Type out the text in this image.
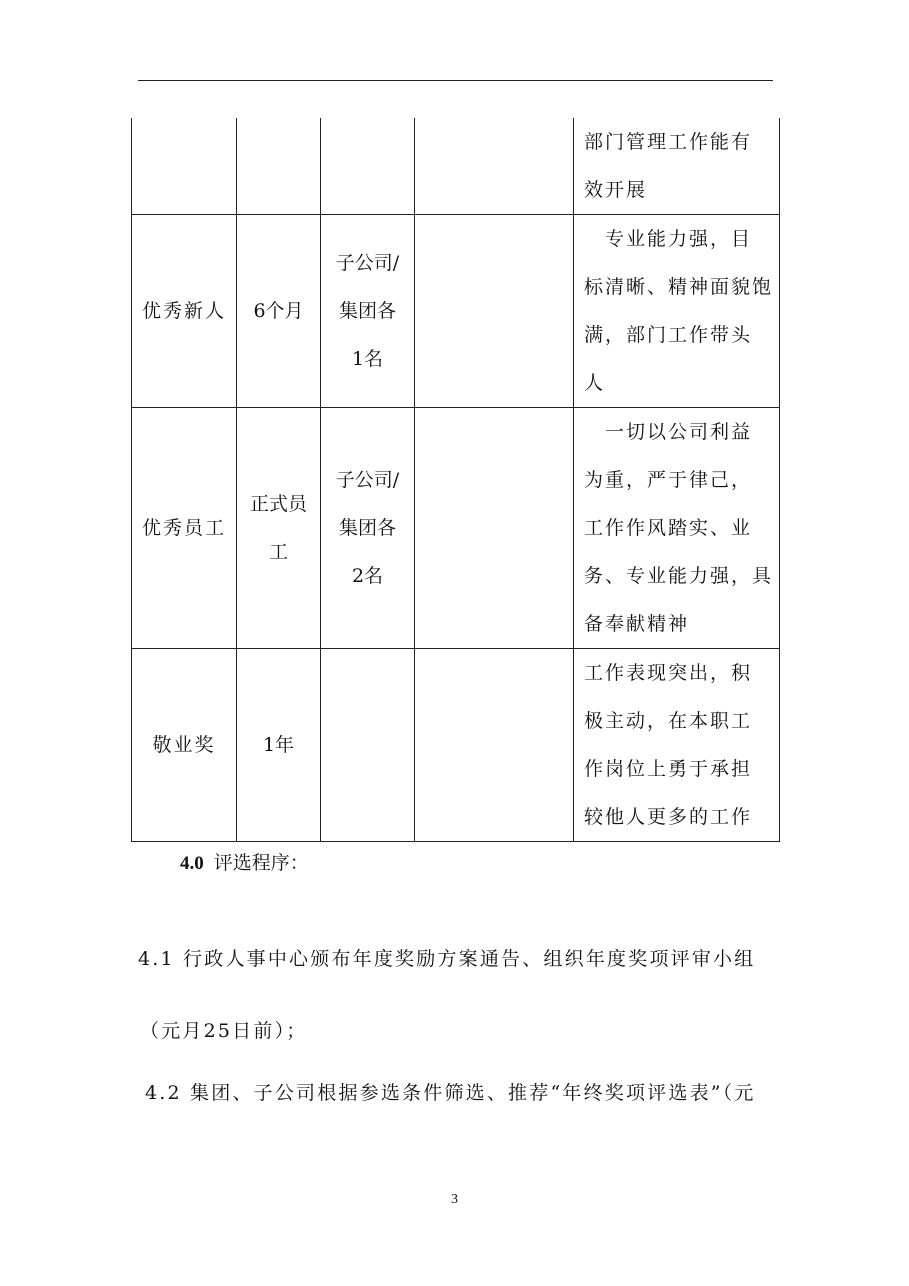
				部门管理工作能有
效开展

优秀新人	6个月	子公司/
集团各
1名		　专业能力强，目
标清晰、精神面貌饱
满，部门工作带头
人

优秀员工	正式员
工	子公司/
集团各
2名		　一切以公司利益
为重，严于律己，
工作作风踏实、业
务、专业能力强，具
备奉献精神

敬业奖	1年			工作表现突出，积
极主动，在本职工
作岗位上勇于承担
较他人更多的工作
4.0 评选程序：
4.1 行政人事中心颁布年度奖励方案通告、组织年度奖项评审小组
（元月25日前）；
4.2 集团、子公司根据参选条件筛选、推荐“年终奖项评选表”（元
3
